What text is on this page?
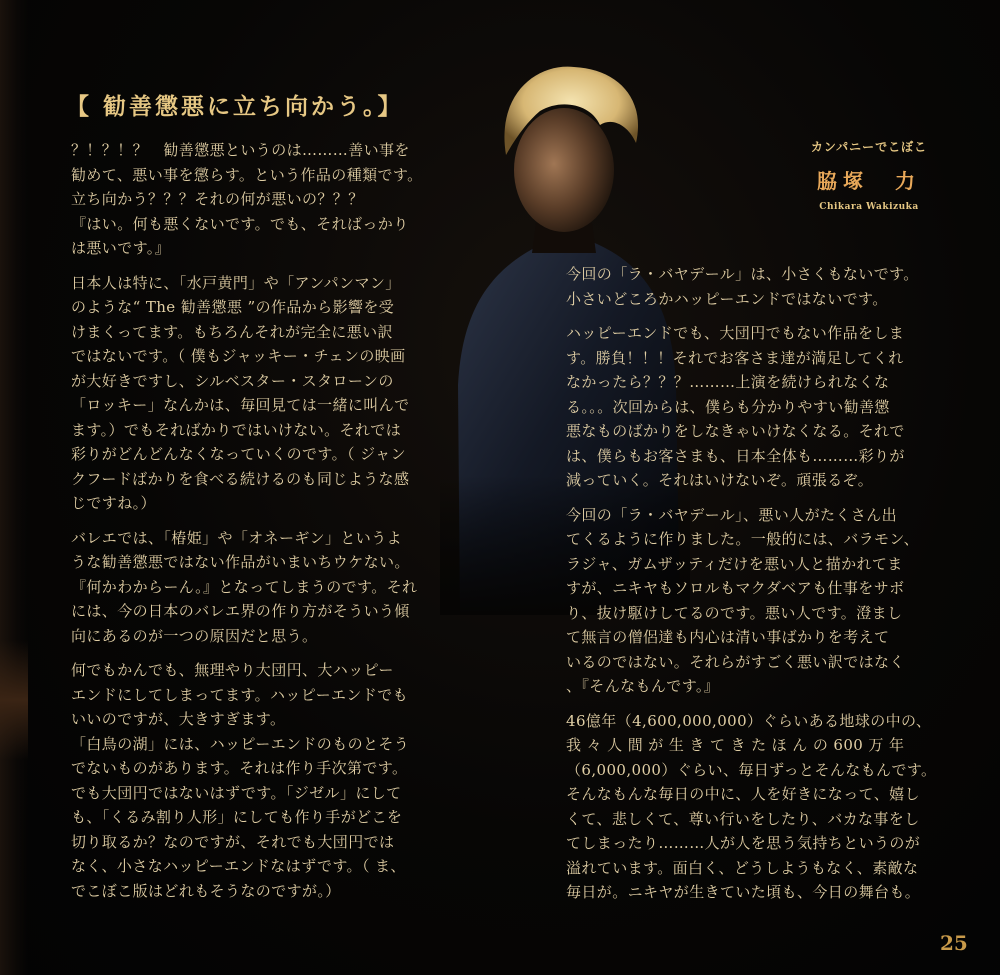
【 勧善懲悪に立ち向かう。】
カンパニーでこぼこ
脇塚　力
Chikara Wakizuka

？！？！？　勧善懲悪というのは………善い事を
勧めて、悪い事を懲らす。という作品の種類です。
立ち向かう？？？それの何が悪いの？？？
『はい。何も悪くないです。でも、そればっかり
は悪いです。』

日本人は特に、「水戸黄門」や「アンパンマン」
のような“ The 勧善懲悪 ”の作品から影響を受
けまくってます。もちろんそれが完全に悪い訳
ではないです。（ 僕もジャッキー・チェンの映画
が大好きですし、シルベスター・スタローンの
「ロッキー」なんかは、毎回見ては一緒に叫んで
ます。）でもそればかりではいけない。それでは
彩りがどんどんなくなっていくのです。（ ジャン
クフードばかりを食べる続けるのも同じような感
じですね。）

バレエでは、「椿姫」や「オネーギン」というよ
うな勧善懲悪ではない作品がいまいちウケない。
『何かわからーん。』となってしまうのです。それ
には、今の日本のバレエ界の作り方がそういう傾
向にあるのが一つの原因だと思う。

何でもかんでも、無理やり大団円、大ハッピー
エンドにしてしまってます。ハッピーエンドでも
いいのですが、大きすぎます。
「白鳥の湖」には、ハッピーエンドのものとそう
でないものがあります。それは作り手次第です。
でも大団円ではないはずです。「ジゼル」にして
も、「くるみ割り人形」にしても作り手がどこを
切り取るか？なのですが、それでも大団円では
なく、小さなハッピーエンドなはずです。（ ま、
でこぼこ版はどれもそうなのですが。）

今回の「ラ・バヤデール」は、小さくもないです。
小さいどころかハッピーエンドではないです。

ハッピーエンドでも、大団円でもない作品をしま
す。勝負！！！それでお客さま達が満足してくれ
なかったら？？？………上演を続けられなくな
る。。。次回からは、僕らも分かりやすい勧善懲
悪なものばかりをしなきゃいけなくなる。それで
は、僕らもお客さまも、日本全体も………彩りが
減っていく。それはいけないぞ。頑張るぞ。

今回の「ラ・バヤデール」、悪い人がたくさん出
てくるように作りました。一般的には、バラモン、
ラジャ、ガムザッティだけを悪い人と描かれてま
すが、ニキヤもソロルもマクダベアも仕事をサボ
り、抜け駆けしてるのです。悪い人です。澄まし
て無言の僧侶達も内心は清い事ばかりを考えて
いるのではない。それらがすごく悪い訳ではなく
、『そんなもんです。』

46億年（4,600,000,000）ぐらいある地球の中の、
我 々 人 間 が 生 き て き た ほ ん の 600 万 年
（6,000,000）ぐらい、毎日ずっとそんなもんです。
そんなもんな毎日の中に、人を好きになって、嬉し
くて、悲しくて、尊い行いをしたり、バカな事をし
てしまったり………人が人を思う気持ちというのが
溢れています。面白く、どうしようもなく、素敵な
毎日が。ニキヤが生きていた頃も、今日の舞台も。

25
